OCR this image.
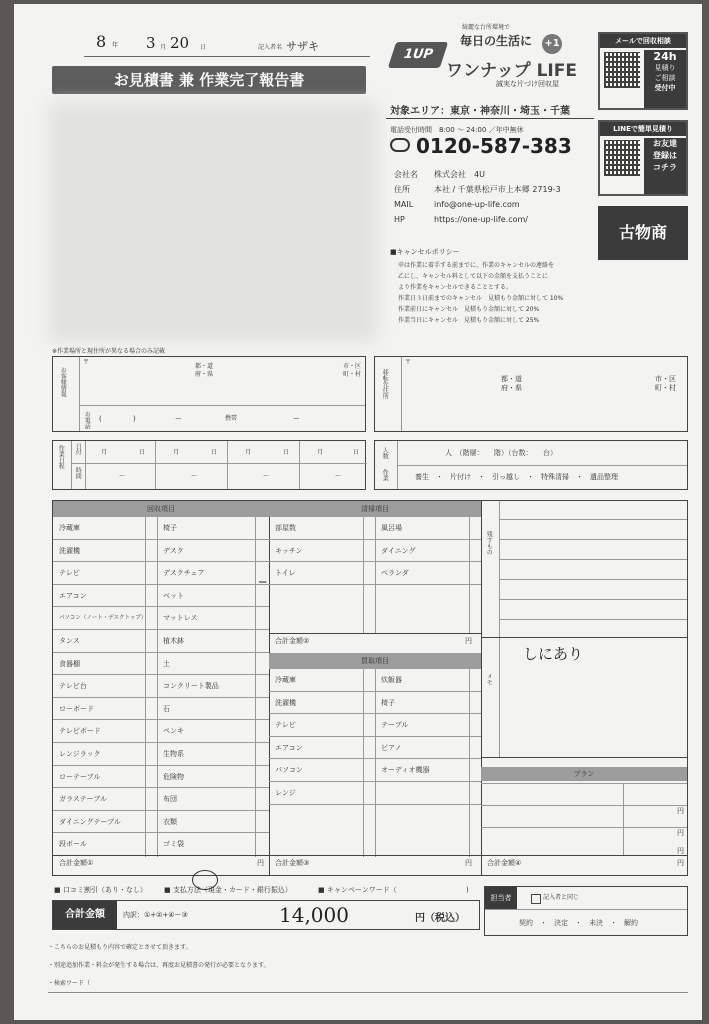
8 年 3 月 20 日	記入者名 サザキ
お見積書 兼 作業完了報告書
1UP
綺麗な台所環境で
毎日の生活に +1
ワンナップ LIFE
誠実な片づけ回収屋
対象エリア：東京・神奈川・埼玉・千葉
電話受付時間　8:00 〜 24:00 ／年中無休
0120-587-383
会社名	株式会社　4U
住所	本社 / 千葉県松戸市上本郷 2719-3
MAIL	info@one-up-life.com
HP	https://one-up-life.com/
メールで回収相談
24h
見積り
ご相談
受付中
LINEで簡単見積り
お友達
登録は
コチラ
古物商
■キャンセルポリシー
申は作業に着手する前までに、作業のキャンセルの連絡を
乙にし、キャンセル料として以下の金額を支払うことに
より作業をキャンセルできることとする。
作業日３日前までのキャンセル　見積もり金額に対して 10%
作業前日にキャンセル　見積もり金額に対して 20%
作業当日にキャンセル　見積もり金額に対して 25%
※作業場所と現住所が異なる場合のみ記載
お客様情報
〒
都・道
府・県
市・区
町・村
お電話 (	)	ー	携帯	ー
移転先住所
〒
都・道
府・県
市・区
町・村
作業日程 日付
時間
月	日	月	日	月	日	月	日
〜	〜	〜	〜
人数
作業
人　（階層：　　階）（台数：　　台）
養生　・　片付け　・　引っ越し　・　特殊清掃　・　遺品整理
回収項目
冷蔵庫	椅子
洗濯機	デスク
テレビ	デスクチェア
エアコン	ベット
パソコン（ノート・デスクトップ） マットレス
タンス	植木鉢
食器棚	土
テレビ台	コンクリート製品
ローボード	石
テレビボード	ペンキ
レンジラック	生物系
ローテーブル	危険物
ガラステーブル	布団
ダイニングテーブル	衣類
段ボール	ゴミ袋
合計金額①	円
清掃項目
部屋数	風呂場
キッチン	ダイニング
トイレ	ベランダ
合計金額②	円
買取項目
冷蔵庫	炊飯器
洗濯機	椅子
テレビ	テーブル
エアコン	ピアノ
パソコン	オーディオ機器
レンジ
合計金額③	円
残すもの
メモ
しにあり
プラン
円
円
円
合計金額④	円
─
■ 口コミ割引（あり・なし） ■ 支払方法（現金・カード・銀行振込）	■ キャンペーンワード（	)
合計金額	内訳：①+②+④ー③	14,000	円（税込）
担当者	記入者と同じ
契約　・　決定　・　未決　・　解約
・こちらのお見積もり内容で確定とさせて頂きます。
・別途追加作業・料金が発生する場合は、再度お見積書の発行が必要となります。
・検索ワード（
